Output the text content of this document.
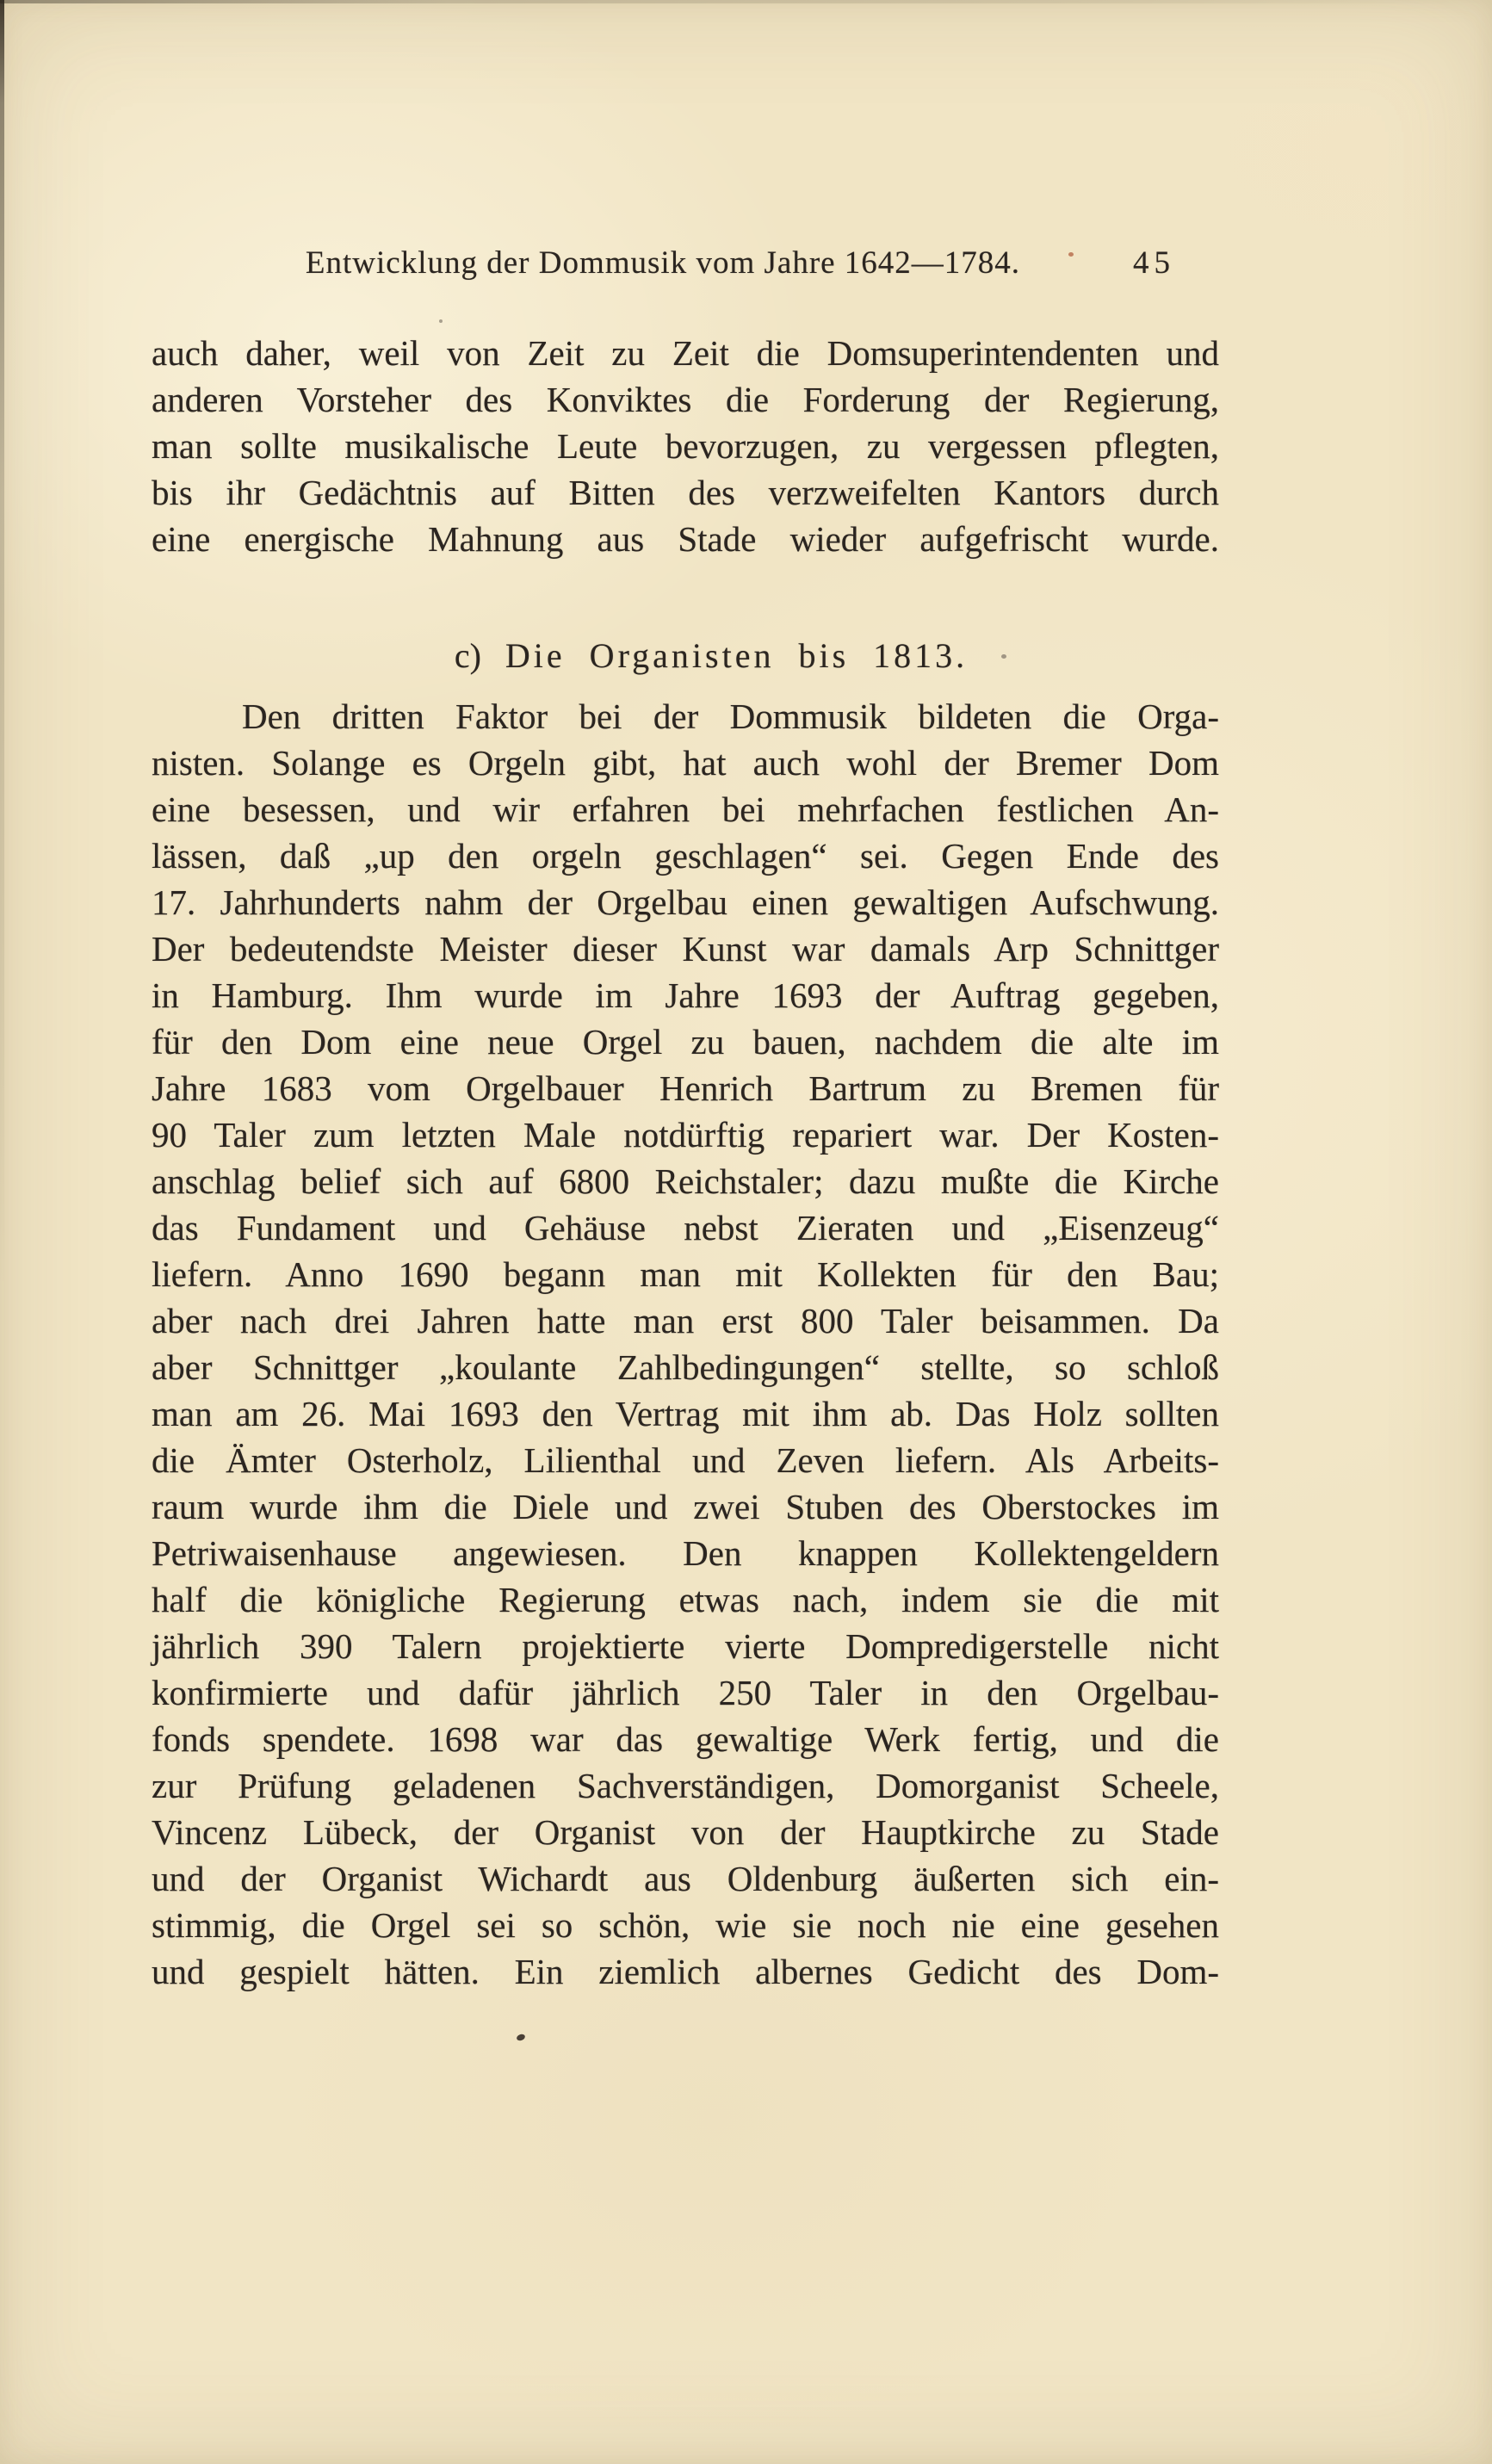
Entwicklung der Dommusik vom Jahre 1642—1784.	45
auch daher, weil von Zeit zu Zeit die Domsuperintendenten und
anderen Vorsteher des Konviktes die Forderung der Regierung,
man sollte musikalische Leute bevorzugen, zu vergessen pflegten,
bis ihr Gedächtnis auf Bitten des verzweifelten Kantors durch
eine energische Mahnung aus Stade wieder aufgefrischt wurde.
c) Die Organisten bis 1813.
Den dritten Faktor bei der Dommusik bildeten die Orga-
nisten. Solange es Orgeln gibt, hat auch wohl der Bremer Dom
eine besessen, und wir erfahren bei mehrfachen festlichen An-
lässen, daß „up den orgeln geschlagen“ sei. Gegen Ende des
17. Jahrhunderts nahm der Orgelbau einen gewaltigen Aufschwung.
Der bedeutendste Meister dieser Kunst war damals Arp Schnittger
in Hamburg. Ihm wurde im Jahre 1693 der Auftrag gegeben,
für den Dom eine neue Orgel zu bauen, nachdem die alte im
Jahre 1683 vom Orgelbauer Henrich Bartrum zu Bremen für
90 Taler zum letzten Male notdürftig repariert war. Der Kosten-
anschlag belief sich auf 6800 Reichstaler; dazu mußte die Kirche
das Fundament und Gehäuse nebst Zieraten und „Eisenzeug“
liefern. Anno 1690 begann man mit Kollekten für den Bau;
aber nach drei Jahren hatte man erst 800 Taler beisammen. Da
aber Schnittger „koulante Zahlbedingungen“ stellte, so schloß
man am 26. Mai 1693 den Vertrag mit ihm ab. Das Holz sollten
die Ämter Osterholz, Lilienthal und Zeven liefern. Als Arbeits-
raum wurde ihm die Diele und zwei Stuben des Oberstockes im
Petriwaisenhause angewiesen. Den knappen Kollektengeldern
half die königliche Regierung etwas nach, indem sie die mit
jährlich 390 Talern projektierte vierte Dompredigerstelle nicht
konfirmierte und dafür jährlich 250 Taler in den Orgelbau-
fonds spendete. 1698 war das gewaltige Werk fertig, und die
zur Prüfung geladenen Sachverständigen, Domorganist Scheele,
Vincenz Lübeck, der Organist von der Hauptkirche zu Stade
und der Organist Wichardt aus Oldenburg äußerten sich ein-
stimmig, die Orgel sei so schön, wie sie noch nie eine gesehen
und gespielt hätten. Ein ziemlich albernes Gedicht des Dom-
